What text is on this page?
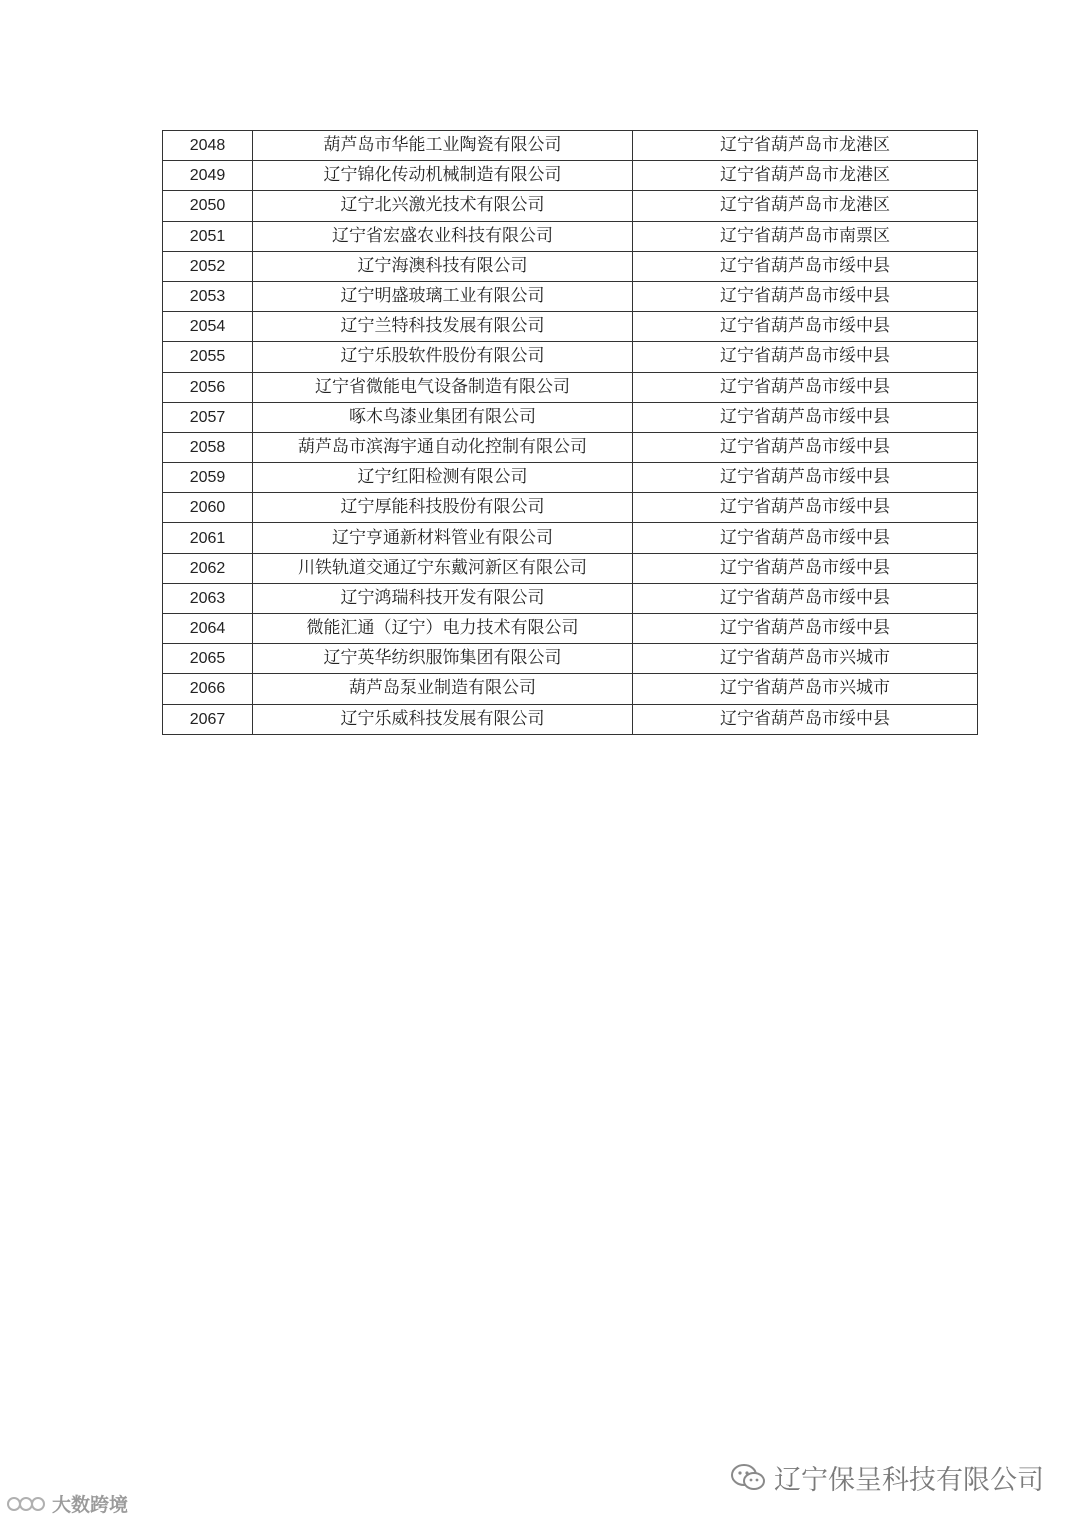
2048	葫芦岛市华能工业陶瓷有限公司	辽宁省葫芦岛市龙港区
2049	辽宁锦化传动机械制造有限公司	辽宁省葫芦岛市龙港区
2050	辽宁北兴激光技术有限公司	辽宁省葫芦岛市龙港区
2051	辽宁省宏盛农业科技有限公司	辽宁省葫芦岛市南票区
2052	辽宁海澳科技有限公司	辽宁省葫芦岛市绥中县
2053	辽宁明盛玻璃工业有限公司	辽宁省葫芦岛市绥中县
2054	辽宁兰特科技发展有限公司	辽宁省葫芦岛市绥中县
2055	辽宁乐股软件股份有限公司	辽宁省葫芦岛市绥中县
2056	辽宁省微能电气设备制造有限公司	辽宁省葫芦岛市绥中县
2057	啄木鸟漆业集团有限公司	辽宁省葫芦岛市绥中县
2058	葫芦岛市滨海宇通自动化控制有限公司	辽宁省葫芦岛市绥中县
2059	辽宁红阳检测有限公司	辽宁省葫芦岛市绥中县
2060	辽宁厚能科技股份有限公司	辽宁省葫芦岛市绥中县
2061	辽宁亨通新材料管业有限公司	辽宁省葫芦岛市绥中县
2062	川铁轨道交通辽宁东戴河新区有限公司	辽宁省葫芦岛市绥中县
2063	辽宁鸿瑞科技开发有限公司	辽宁省葫芦岛市绥中县
2064	微能汇通（辽宁）电力技术有限公司	辽宁省葫芦岛市绥中县
2065	辽宁英华纺织服饰集团有限公司	辽宁省葫芦岛市兴城市
2066	葫芦岛泵业制造有限公司	辽宁省葫芦岛市兴城市
2067	辽宁乐威科技发展有限公司	辽宁省葫芦岛市绥中县
大数跨境
辽宁保呈科技有限公司
